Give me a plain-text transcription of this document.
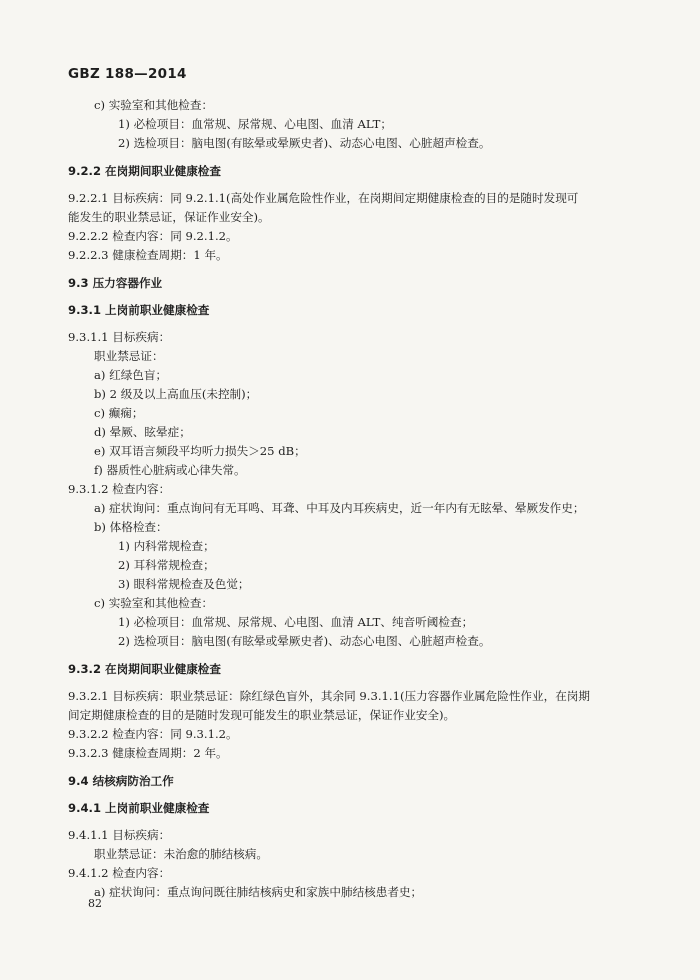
GBZ 188—2014
c) 实验室和其他检查：
1) 必检项目：血常规、尿常规、心电图、血清 ALT；
2) 选检项目：脑电图(有眩晕或晕厥史者)、动态心电图、心脏超声检查。
9.2.2 在岗期间职业健康检查
9.2.2.1 目标疾病：同 9.2.1.1(高处作业属危险性作业，在岗期间定期健康检查的目的是随时发现可
能发生的职业禁忌证，保证作业安全)。
9.2.2.2 检查内容：同 9.2.1.2。
9.2.2.3 健康检查周期：1 年。
9.3 压力容器作业
9.3.1 上岗前职业健康检查
9.3.1.1 目标疾病：
职业禁忌证：
a) 红绿色盲；
b) 2 级及以上高血压(未控制)；
c) 癫痫；
d) 晕厥、眩晕症；
e) 双耳语言频段平均听力损失＞25 dB；
f) 器质性心脏病或心律失常。
9.3.1.2 检查内容：
a) 症状询问：重点询问有无耳鸣、耳聋、中耳及内耳疾病史，近一年内有无眩晕、晕厥发作史；
b) 体格检查：
1) 内科常规检查；
2) 耳科常规检查；
3) 眼科常规检查及色觉；
c) 实验室和其他检查：
1) 必检项目：血常规、尿常规、心电图、血清 ALT、纯音听阈检查；
2) 选检项目：脑电图(有眩晕或晕厥史者)、动态心电图、心脏超声检查。
9.3.2 在岗期间职业健康检查
9.3.2.1 目标疾病：职业禁忌证：除红绿色盲外，其余同 9.3.1.1(压力容器作业属危险性作业，在岗期
间定期健康检查的目的是随时发现可能发生的职业禁忌证，保证作业安全)。
9.3.2.2 检查内容：同 9.3.1.2。
9.3.2.3 健康检查周期：2 年。
9.4 结核病防治工作
9.4.1 上岗前职业健康检查
9.4.1.1 目标疾病：
职业禁忌证：未治愈的肺结核病。
9.4.1.2 检查内容：
a) 症状询问：重点询问既往肺结核病史和家族中肺结核患者史；
82
